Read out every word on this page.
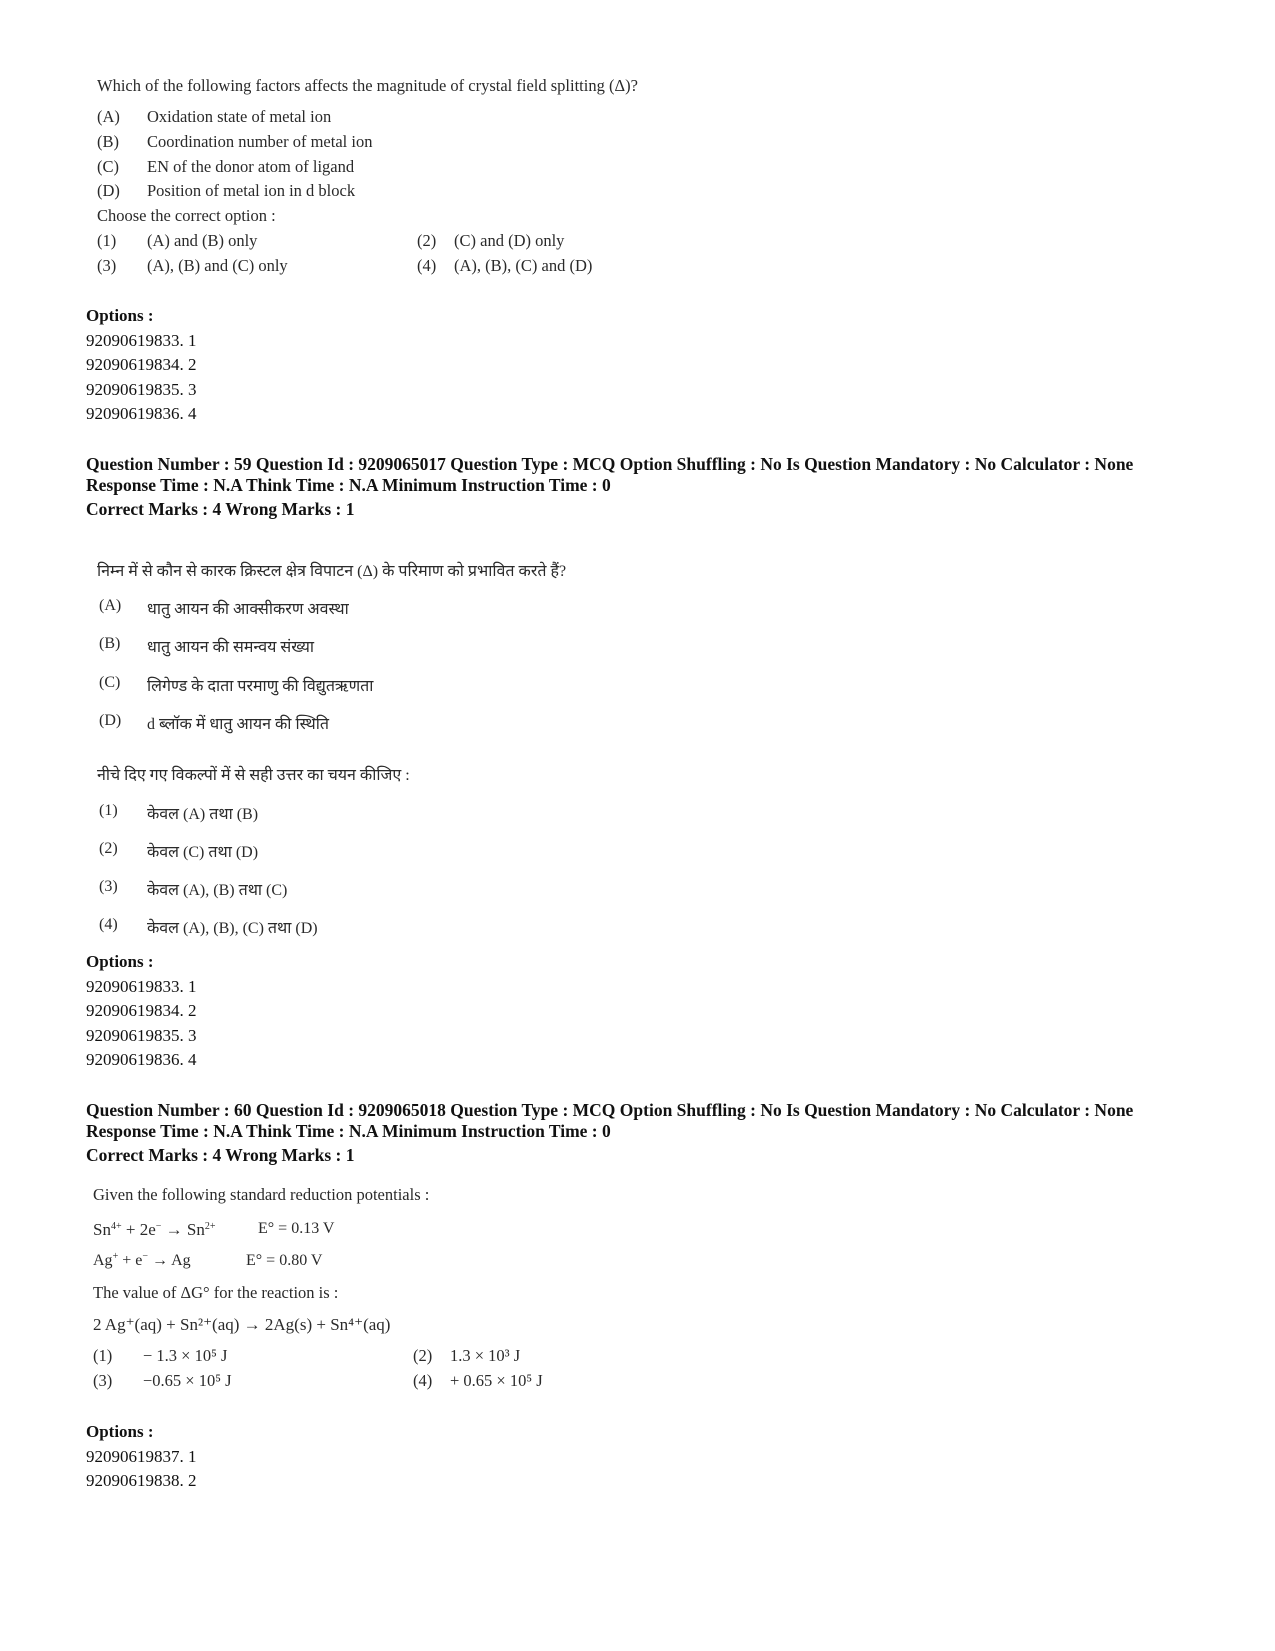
Which of the following factors affects the magnitude of crystal field splitting (Δ)?
(A) Oxidation state of metal ion
(B) Coordination number of metal ion
(C) EN of the donor atom of ligand
(D) Position of metal ion in d block
Choose the correct option :
(1) (A) and (B) only	(2) (C) and (D) only
(3) (A), (B) and (C) only	(4) (A), (B), (C) and (D)
Options :
92090619833. 1
92090619834. 2
92090619835. 3
92090619836. 4
Question Number : 59 Question Id : 9209065017 Question Type : MCQ Option Shuffling : No Is Question Mandatory : No Calculator : None
Response Time : N.A Think Time : N.A Minimum Instruction Time : 0
Correct Marks : 4 Wrong Marks : 1
निम्न में से कौन से कारक क्रिस्टल क्षेत्र विपाटन (Δ) के परिमाण को प्रभावित करते हैं?
(A) धातु आयन की आक्सीकरण अवस्था
(B) धातु आयन की समन्वय संख्या
(C) लिगेण्ड के दाता परमाणु की विद्युतऋणता
(D) d ब्लॉक में धातु आयन की स्थिति
नीचे दिए गए विकल्पों में से सही उत्तर का चयन कीजिए :
(1) केवल (A) तथा (B)
(2) केवल (C) तथा (D)
(3) केवल (A), (B) तथा (C)
(4) केवल (A), (B), (C) तथा (D)
Options :
92090619833. 1
92090619834. 2
92090619835. 3
92090619836. 4
Question Number : 60 Question Id : 9209065018 Question Type : MCQ Option Shuffling : No Is Question Mandatory : No Calculator : None
Response Time : N.A Think Time : N.A Minimum Instruction Time : 0
Correct Marks : 4 Wrong Marks : 1
Given the following standard reduction potentials :
$Sn^{4+} + 2e^- \to Sn^{2+}$	E° = 0.13 V
Ag+ + e− → Ag	E° = 0.80 V
The value of ΔG° for the reaction is :
2 Ag⁺(aq) + Sn²⁺(aq) → 2Ag(s) + Sn⁴⁺(aq)
(1) − 1.3 × 10⁵ J	(2) 1.3 × 10³ J
(3) −0.65 × 10⁵ J	(4) + 0.65 × 10⁵ J
Options :
92090619837. 1
92090619838. 2
